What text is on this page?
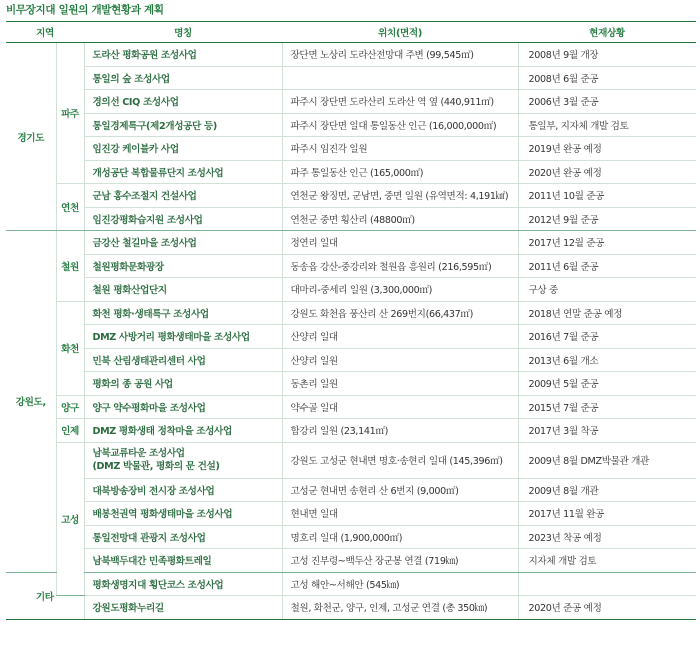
비무장지대 일원의 개발현황과 계획
지역		명칭	위치(면적)	현재상황
경기도	파주	도라산 평화공원 조성사업	장단면 노상리 도라산전망대 주변 (99,545㎡)	2008년 9월 개장
		통일의 숲 조성사업		2008년 6월 준공
		경의선 CIQ 조성사업	파주시 장단면 도라산리 도라산 역 옆 (440,911㎡)	2006년 3월 준공
		통일경제특구(제2개성공단 등)	파주시 장단면 일대 통일동산 인근 (16,000,000㎡)	통일부, 지자체 개발 검토
		임진강 케이블카 사업	파주시 임진각 일원	2019년 완공 예정
		개성공단 복합물류단지 조성사업	파주 통일동산 인근 (165,000㎡)	2020년 완공 예정
	연천	군남 홍수조절지 건설사업	연천군 왕징면, 군남면, 중면 일원 (유역면적: 4,191㎢)	2011년 10월 준공
		임진강평화습지원 조성사업	연천군 중면 횡산리 (48800㎡)	2012년 9월 준공
강원도,	철원	금강산 철길마을 조성사업	정연리 일대	2017년 12월 준공
		철원평화문화광장	동송읍 강산-중강리와 철원읍 흥원리 (216,595㎡)	2011년 6월 준공
		철원 평화산업단지	대마리-중세리 일원 (3,300,000㎡)	구상 중
	화천	화천 평화·생태특구 조성사업	강원도 화천읍 풍산리 산 269번지(66,437㎡)	2018년 연말 준공 예정
		DMZ 사방거리 평화생태마을 조성사업	산양리 일대	2016년 7월 준공
		민북 산림생태관리센터 사업	산양리 일원	2013년 6월 개소
		평화의 종 공원 사업	동촌리 일원	2009년 5월 준공
	양구	양구 약수평화마을 조성사업	약수골 일대	2015년 7월 준공
	인제	DMZ 평화생태 정착마을 조성사업	합강리 일원 (23,141㎡)	2017년 3월 착공
	고성	남북교류타운 조성사업
(DMZ 박물관, 평화의 문 건설)	강원도 고성군 현내면 명호·송현리 일대 (145,396㎡)	2009년 8월 DMZ박물관 개관
		대북방송장비 전시장 조성사업	고성군 현내면 송현리 산 6번지 (9,000㎡)	2009년 8월 개관
		배봉천권역 평화생태마을 조성사업	현내면 일대	2017년 11월 완공
		통일전망대 관광지 조성사업	명호리 일대 (1,900,000㎡)	2023년 착공 예정
		남북백두대간 민족평화트레일	고성 진부령~백두산 장군봉 연결 (719㎞)	지자체 개발 검토
기타		평화생명지대 횡단코스 조성사업	고성 해안~서해안 (545㎞)	
		강원도평화누리길	철원, 화천군, 양구, 인제, 고성군 연결 (총 350㎞)	2020년 준공 예정
